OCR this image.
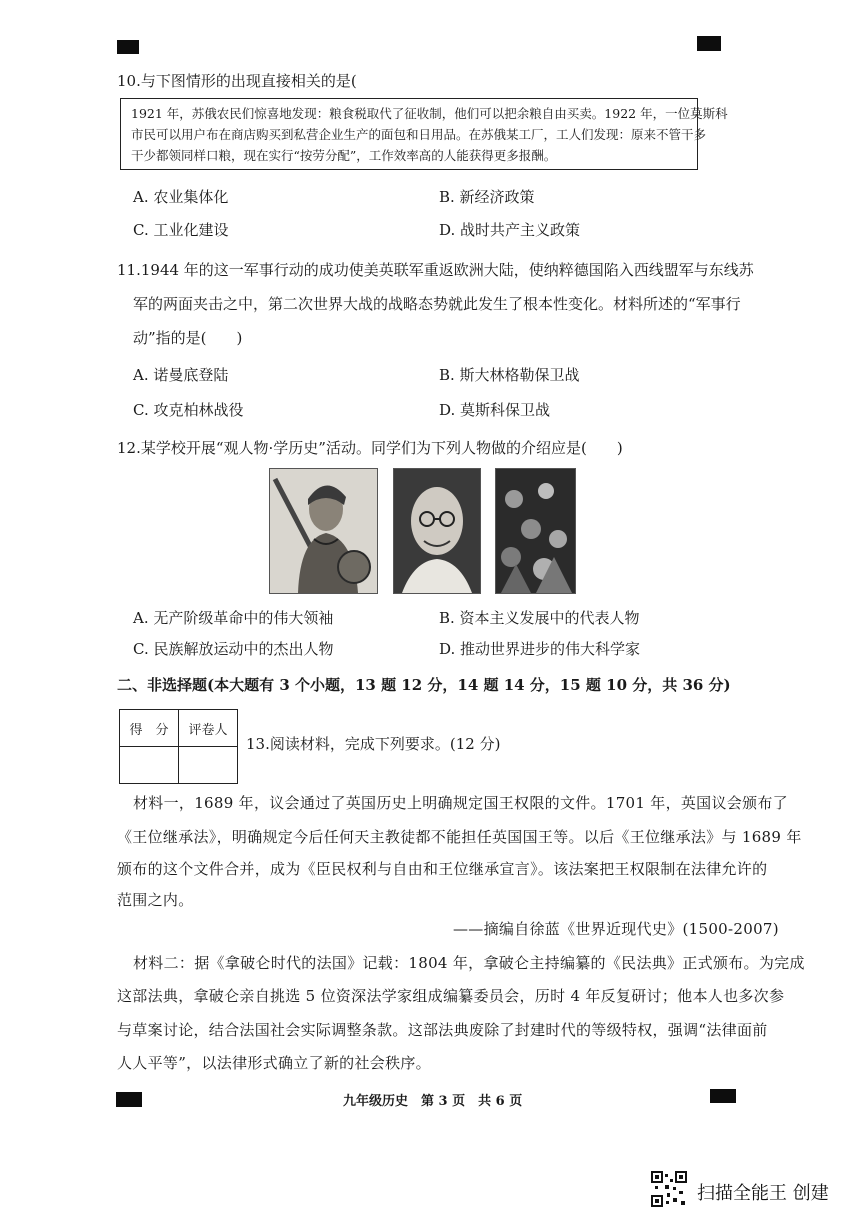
10.与下图情形的出现直接相关的是(
1921 年，苏俄农民们惊喜地发现：粮食税取代了征收制，他们可以把余粮自由买卖。1922 年，一位莫斯科
市民可以用户布在商店购买到私营企业生产的面包和日用品。在苏俄某工厂，工人们发现：原来不管干多
干少都领同样口粮，现在实行“按劳分配”，工作效率高的人能获得更多报酬。
A. 农业集体化	B. 新经济政策
C. 工业化建设	D. 战时共产主义政策
11.1944 年的这一军事行动的成功使美英联军重返欧洲大陆，使纳粹德国陷入西线盟军与东线苏
军的两面夹击之中，第二次世界大战的战略态势就此发生了根本性变化。材料所述的“军事行
动”指的是(　　)
A. 诺曼底登陆	B. 斯大林格勒保卫战
C. 攻克柏林战役	D. 莫斯科保卫战
12.某学校开展“观人物·学历史”活动。同学们为下列人物做的介绍应是(　　)
A. 无产阶级革命中的伟大领袖	B. 资本主义发展中的代表人物
C. 民族解放运动中的杰出人物	D. 推动世界进步的伟大科学家
二、非选择题(本大题有 3 个小题，13 题 12 分，14 题 14 分，15 题 10 分，共 36 分)
得　分	评卷人

13.阅读材料，完成下列要求。(12 分)
材料一，1689 年，议会通过了英国历史上明确规定国王权限的文件。1701 年，英国议会颁布了
《王位继承法》，明确规定今后任何天主教徒都不能担任英国国王等。以后《王位继承法》与 1689 年
颁布的这个文件合并，成为《臣民权利与自由和王位继承宣言》。该法案把王权限制在法律允许的
范围之内。
——摘编自徐蓝《世界近现代史》(1500-2007)
材料二：据《拿破仑时代的法国》记载：1804 年，拿破仑主持编纂的《民法典》正式颁布。为完成
这部法典，拿破仑亲自挑选 5 位资深法学家组成编纂委员会，历时 4 年反复研讨；他本人也多次参
与草案讨论，结合法国社会实际调整条款。这部法典废除了封建时代的等级特权，强调“法律面前
人人平等”，以法律形式确立了新的社会秩序。
九年级历史　第 3 页　共 6 页
扫描全能王 创建
